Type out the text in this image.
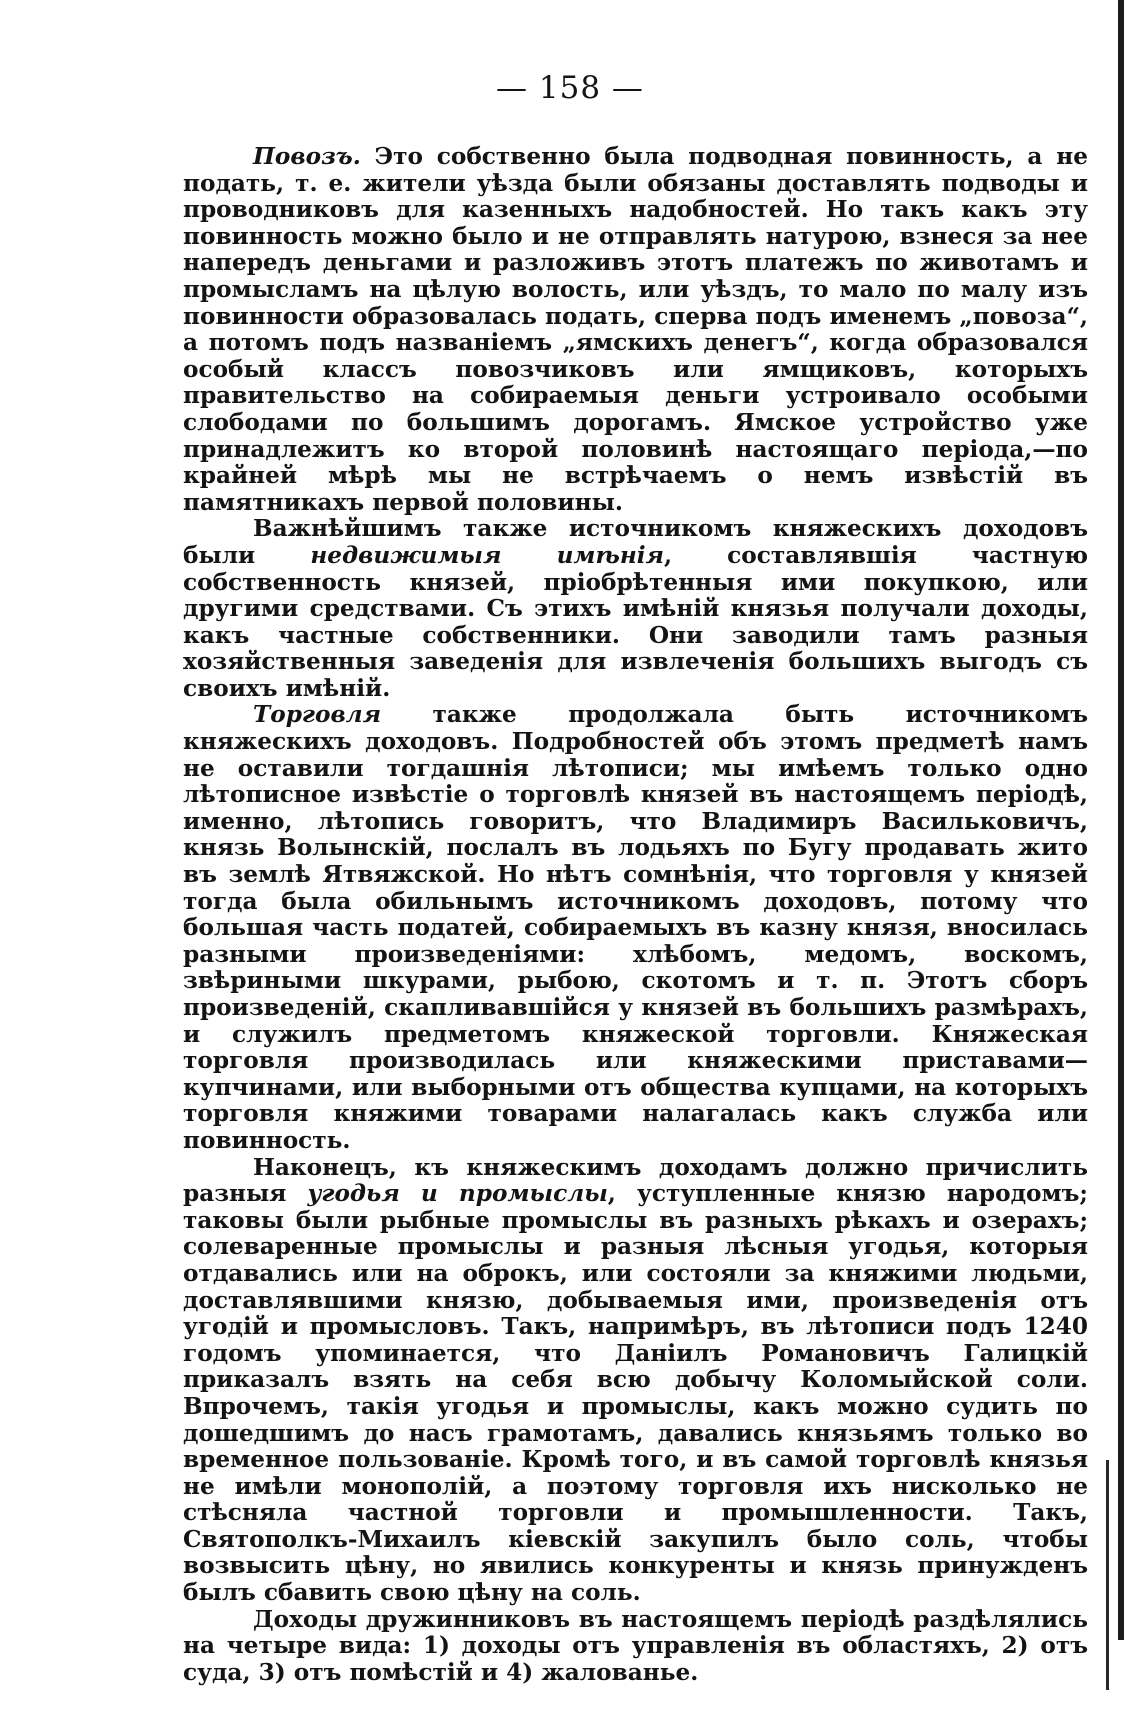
— 158 —

Повозъ. Это собственно была подводная повинность, а не подать, т. е. жители уѣзда были обязаны доставлять подводы и проводниковъ для казенныхъ надобностей. Но такъ какъ эту повинность можно было и не отправлять натурою, взнеся за нее напередъ деньгами и разложивъ этотъ платежъ по животамъ и промысламъ на цѣлую волость, или уѣздъ, то мало по малу изъ повинности образовалась подать, сперва подъ именемъ „повоза“, а потомъ подъ названіемъ „ямскихъ денегъ“, когда образовался особый классъ повозчиковъ или ямщиковъ, которыхъ правительство на собираемыя деньги устроивало особыми слободами по большимъ дорогамъ. Ямское устройство уже принадлежитъ ко второй половинѣ настоящаго періода,—по крайней мѣрѣ мы не встрѣчаемъ о немъ извѣстій въ памятникахъ первой половины.

Важнѣйшимъ также источникомъ княжескихъ доходовъ были недвижимыя имѣнія, составлявшія частную собственность князей, пріобрѣтенныя ими покупкою, или другими средствами. Съ этихъ имѣній князья получали доходы, какъ частные собственники. Они заводили тамъ разныя хозяйственныя заведенія для извлеченія большихъ выгодъ съ своихъ имѣній.

Торговля также продолжала быть источникомъ княжескихъ доходовъ. Подробностей объ этомъ предметѣ намъ не оставили тогдашнія лѣтописи; мы имѣемъ только одно лѣтописное извѣстіе о торговлѣ князей въ настоящемъ періодѣ, именно, лѣтопись говоритъ, что Владимиръ Васильковичъ, князь Волынскій, послалъ въ лодьяхъ по Бугу продавать жито въ землѣ Ятвяжской. Но нѣтъ сомнѣнія, что торговля у князей тогда была обильнымъ источникомъ доходовъ, потому что большая часть податей, собираемыхъ въ казну князя, вносилась разными произведеніями: хлѣбомъ, медомъ, воскомъ, звѣриными шкурами, рыбою, скотомъ и т. п. Этотъ сборъ произведеній, скапливавшійся у князей въ большихъ размѣрахъ, и служилъ предметомъ княжеской торговли. Княжеская торговля производилась или княжескими приставами—купчинами, или выборными отъ общества купцами, на которыхъ торговля княжими товарами налагалась какъ служба или повинность.

Наконецъ, къ княжескимъ доходамъ должно причислить разныя угодья и промыслы, уступленные князю народомъ; таковы были рыбные промыслы въ разныхъ рѣкахъ и озерахъ; солеваренные промыслы и разныя лѣсныя угодья, которыя отдавались или на оброкъ, или состояли за княжими людьми, доставлявшими князю, добываемыя ими, произведенія отъ угодій и промысловъ. Такъ, напримѣръ, въ лѣтописи подъ 1240 годомъ упоминается, что Даніилъ Романовичъ Галицкій приказалъ взять на себя всю добычу Коломыйской соли. Впрочемъ, такія угодья и промыслы, какъ можно судить по дошедшимъ до насъ грамотамъ, давались князьямъ только во временное пользованіе. Кромѣ того, и въ самой торговлѣ князья не имѣли монополій, а поэтому торговля ихъ нисколько не стѣсняла частной торговли и промышленности. Такъ, Святополкъ-Михаилъ кіевскій закупилъ было соль, чтобы возвысить цѣну, но явились конкуренты и князь принужденъ былъ сбавить свою цѣну на соль.

Доходы дружинниковъ въ настоящемъ періодѣ раздѣлялись на четыре вида: 1) доходы отъ управленія въ областяхъ, 2) отъ суда, 3) отъ помѣстій и 4) жалованье.
